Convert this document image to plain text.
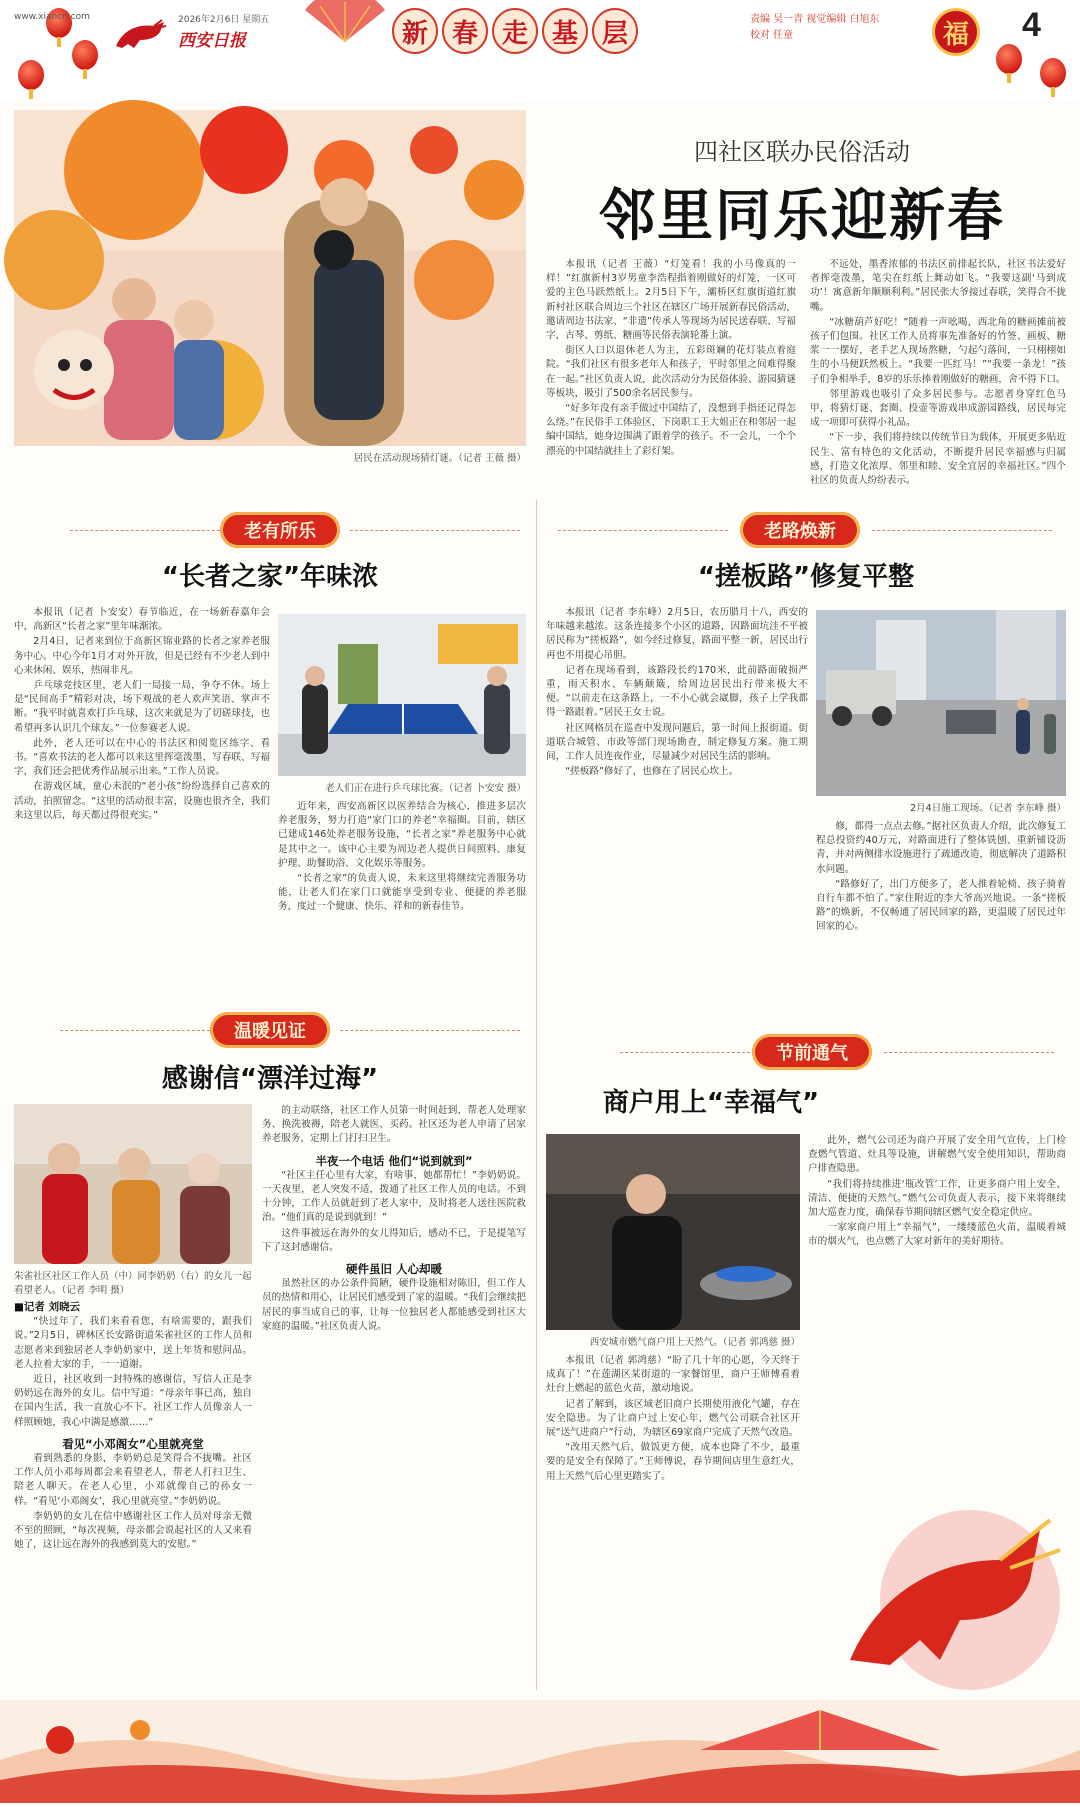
www.xiancn.com	2026年2月6日 星期五
西安日报	新 春 走 基 层	责编 吴一青 视觉编辑 白旭东
校对 任童	福	4
居民在活动现场猜灯谜。（记者 王薇 摄）
四社区联办民俗活动
邻里同乐迎新春

本报讯（记者 王薇）“灯笼看！我的小马像真的一样！”红旗新村3岁男童李浩程指着刚做好的灯笼，一区可爱的主色马跃然纸上。2月5日下午，灞桥区红旗街道红旗新村社区联合周边三个社区在辖区广场开展新春民俗活动，邀请周边书法家、“非遗”传承人等现场为居民送春联、写福字，古琴、剪纸、糖画等民俗表演轮番上演。

街区人口以退休老人为主，五彩斑斓的花灯装点着庭院。“我们社区有很多老年人和孩子，平时邻里之间难得聚在一起。”社区负责人说，此次活动分为民俗体验、游园猜谜等板块，吸引了500余名居民参与。

“好多年没有亲手做过中国结了，没想到手指还记得怎么绕。”在民俗手工体验区，下岗职工王大姐正在和邻居一起编中国结，她身边围满了跟着学的孩子。不一会儿，一个个漂亮的中国结就挂上了彩灯架。

不远处，墨香浓郁的书法区前排起长队，社区书法爱好者挥毫泼墨，笔尖在红纸上舞动如飞。“我要这副‘马到成功’！寓意新年顺顺利利。”居民张大爷接过春联，笑得合不拢嘴。

“冰糖葫芦好吃！”随着一声吆喝，西北角的糖画摊前被孩子们包围。社区工作人员将事先准备好的竹签、画板、糖浆一一摆好，老手艺人现场熬糖，勺起勺落间，一只栩栩如生的小马便跃然板上。“我要一匹红马！”“我要一条龙！”孩子们争相举手，8岁的乐乐捧着刚做好的糖画，舍不得下口。

邻里游戏也吸引了众多居民参与。志愿者身穿红色马甲，将猜灯谜、套圈、投壶等游戏串成游园路线，居民每完成一项即可获得小礼品。

“下一步，我们将持续以传统节日为载体，开展更多贴近民生、富有特色的文化活动，不断提升居民幸福感与归属感，打造文化浓厚、邻里和睦、安全宜居的幸福社区。”四个社区的负责人纷纷表示。

老有所乐
“长者之家”年味浓

本报讯（记者 卜安安）春节临近，在一场新春嘉年会中，高新区“长者之家”里年味渐浓。

2月4日，记者来到位于高新区锦业路的长者之家养老服务中心。中心今年1月才对外开放，但是已经有不少老人到中心来休闲、娱乐，热闹非凡。

乒乓球竞技区里，老人们一局接一局，争夺不休。场上是“民间高手”精彩对决，场下观战的老人欢声笑语、掌声不断。“我平时就喜欢打乒乓球，这次来就是为了切磋球技，也希望再多认识几个球友。”一位参赛老人说。

此外，老人还可以在中心的书法区和阅览区练字、看书。“喜欢书法的老人都可以来这里挥毫泼墨，写春联、写福字，我们还会把优秀作品展示出来。”工作人员说。

在游戏区域，童心未泯的“老小孩”纷纷选择自己喜欢的活动，拍照留念。“这里的活动很丰富，设施也很齐全，我们来这里以后，每天都过得很充实。”

老人们正在进行乒乓球比赛。（记者 卜安安 摄）

近年来，西安高新区以医养结合为核心，推进多层次养老服务，努力打造“家门口的养老”幸福圈。目前，辖区已建成146处养老服务设施，“长者之家”养老服务中心就是其中之一。该中心主要为周边老人提供日间照料、康复护理、助餐助浴、文化娱乐等服务。

“长者之家”的负责人说，未来这里将继续完善服务功能，让老人们在家门口就能享受到专业、便捷的养老服务，度过一个健康、快乐、祥和的新春佳节。

老路焕新
“搓板路”修复平整

本报讯（记者 李东峰）2月5日，农历腊月十八，西安的年味越来越浓。这条连接多个小区的道路，因路面坑洼不平被居民称为“搓板路”，如今经过修复，路面平整一新，居民出行再也不用提心吊胆。

记者在现场看到，该路段长约170米，此前路面破损严重，雨天积水、车辆颠簸，给周边居民出行带来极大不便。“以前走在这条路上，一不小心就会崴脚，孩子上学我都得一路跟着。”居民王女士说。

社区网格员在巡查中发现问题后，第一时间上报街道。街道联合城管、市政等部门现场勘查，制定修复方案。施工期间，工作人员连夜作业，尽量减少对居民生活的影响。

“搓板路”修好了，也修在了居民心坎上。

2月4日施工现场。（记者 李东峰 摄）

修，都得一点点去修。”据社区负责人介绍，此次修复工程总投资约40万元，对路面进行了整体铣刨、重新铺设沥青，并对两侧排水设施进行了疏通改造，彻底解决了道路积水问题。

“路修好了，出门方便多了，老人推着轮椅、孩子骑着自行车都不怕了。”家住附近的李大爷高兴地说。一条“搓板路”的焕新，不仅畅通了居民回家的路，更温暖了居民过年回家的心。

温暖见证
感谢信“漂洋过海”
朱雀社区社区工作人员（中）同李奶奶（右）的女儿一起看望老人。（记者 李明 摄）

■记者 刘晓云

“快过年了，我们来看看您，有啥需要的，跟我们说。”2月5日，碑林区长安路街道朱雀社区的工作人员和志愿者来到独居老人李奶奶家中，送上年货和慰问品。老人拉着大家的手，一一道谢。

近日，社区收到一封特殊的感谢信，写信人正是李奶奶远在海外的女儿。信中写道：“母亲年事已高，独自在国内生活，我一直放心不下。社区工作人员像亲人一样照顾她，我心中满是感激……”

看见“小邓阁女”心里就亮堂

看到熟悉的身影，李奶奶总是笑得合不拢嘴。社区工作人员小邓每周都会来看望老人，帮老人打扫卫生、陪老人聊天。在老人心里，小邓就像自己的孙女一样。“看见‘小邓阁女’，我心里就亮堂。”李奶奶说。

李奶奶的女儿在信中感谢社区工作人员对母亲无微不至的照顾，“每次视频，母亲都会说起社区的人又来看她了，这让远在海外的我感到莫大的安慰。”

的主动联络，社区工作人员第一时间赶到，帮老人处理家务、换洗被褥，陪老人就医、买药。社区还为老人申请了居家养老服务，定期上门打扫卫生。

半夜一个电话 他们“说到就到”

“社区主任心里有大家，有啥事，她都帮忙！”李奶奶说。一天夜里，老人突发不适，拨通了社区工作人员的电话。不到十分钟，工作人员就赶到了老人家中，及时将老人送往医院救治。“他们真的是说到就到！”

这件事被远在海外的女儿得知后，感动不已，于是提笔写下了这封感谢信。

硬件虽旧 人心却暖

虽然社区的办公条件简陋，硬件设施相对陈旧，但工作人员的热情和用心，让居民们感受到了家的温暖。“我们会继续把居民的事当成自己的事，让每一位独居老人都能感受到社区大家庭的温暖。”社区负责人说。

节前通气
商户用上“幸福气”

此外，燃气公司还为商户开展了安全用气宣传，上门检查燃气管道、灶具等设施，讲解燃气安全使用知识，帮助商户排查隐患。

“我们将持续推进‘瓶改管’工作，让更多商户用上安全、清洁、便捷的天然气。”燃气公司负责人表示，接下来将继续加大巡查力度，确保春节期间辖区燃气安全稳定供应。

一家家商户用上“幸福气”，一缕缕蓝色火苗，温暖着城市的烟火气，也点燃了大家对新年的美好期待。

西安城市燃气商户用上天然气。（记者 郭鸿慈 摄）

本报讯（记者 郭鸿慈）“盼了几十年的心愿，今天终于成真了！”在莲湖区某街道的一家餐馆里，商户王师傅看着灶台上燃起的蓝色火苗，激动地说。

记者了解到，该区域老旧商户长期使用液化气罐，存在安全隐患。为了让商户过上安心年，燃气公司联合社区开展“送气进商户”行动，为辖区69家商户完成了天然气改造。

“改用天然气后，做饭更方便，成本也降了不少，最重要的是安全有保障了。”王师傅说，春节期间店里生意红火，用上天然气后心里更踏实了。
